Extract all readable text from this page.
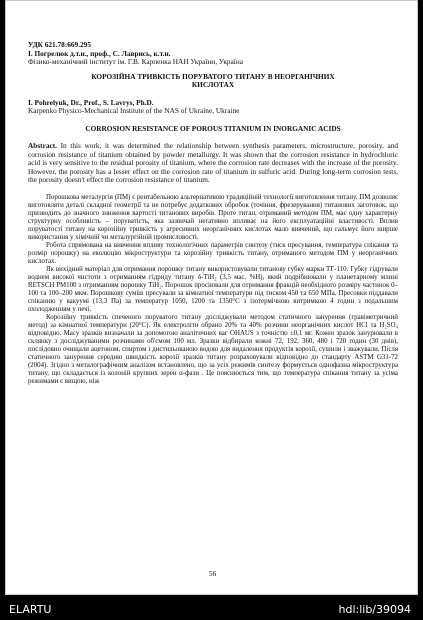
УДК 621.78:669.295

І. Погрелюк д.т.н., проф., С. Лаврись, к.т.н.

Фізико-механічний інститут ім. Г.В. Карпенка НАН України, Україна

КОРОЗІЙНА ТРИВКІСТЬ ПОРУВАТОГО ТИТАНУ В НЕОРГАНІЧНИХ

КИСЛОТАХ

I. Pohrelyuk, Dr., Prof., S. Lavrys, Ph.D.

Karpenko Physico-Mechanical Institute of the NAS of Ukraine, Ukraine

CORROSION RESISTANCE OF POROUS TITANIUM IN INORGANIC ACIDS

Abstract. In this work, it was determined the relationship between synthesis parameters, microstructure, porosity, and corrosion resistance of titanium obtained by powder metallurgy. It was shown that the corrosion resistance in hydrochloric acid is very sensitive to the residual porosity of titanium, where the corrosion rate decreases with the increase of the porosity. However, the porosity has a lesser effect on the corrosion rate of titanium in sulfuric acid. During long-term corrosion tests, the porosity doesn't effect the corrosion resistance of titanium.

Порошкова металургія (ПМ) є рентабельною альтернативою традиційній технології виготовлення титану. ПМ дозволяє виготовляти деталі складної геометрії та не потребує додаткових обробок (точіння, фрезерування) титанових заготовок, що призводить до значного зниження вартості титанових виробів. Проте титан, отриманий методом ПМ, має одну характерну структурну особливість – поруватість, яка зазвичай негативно впливає на його експлуатаційні властивості. Вплив поруватості титану на корозійну тривкість у агресивних неорганічних кислотах мало вивчений, що гальмує його ширше використання у хімічній чи металургійній промисловості.

Робота спрямована на вивчення впливу технологічних параметрів синтезу (тиск пресування, температура спікання та розмір порошку) на еволюцію мікроструктури та корозійну тривкість титану, отриманого методом ПМ у неорганічних кислотах.

Як вихідний матеріал для отримання порошку титану використовували титанову губку марки ТГ-110. Губку гідрували воднем високої чистоти з отриманням гідриду титану δ-TiH₂ (3,5 мас. %H), який подрібнювали у планетарному млині RETSCH PM100 з отриманням порошку TiH₂. Порошок просіювали для отримання фракцій необхідного розміру частинок 0–100 та 100–200 мкм. Порошкову суміш пресували за кімнатної температури під тиском 450 та 650 МПа. Пресовки піддавали спіканню у вакуумі (13,3 Па) за температур 1050, 1200 та 1350°C з ізотермічною витримкою 4 годин з подальшим охолодженням у печі.

Корозійну тривкість спеченого поруватого титану досліджували методом статичного занурення (гравіметричний метод) за кімнатної температури (20°C). Як електроліти обрано 20% та 40% розчини неорганічних кислот HCl та H₂SO₄ відповідно. Масу зразків визначали за допомогою аналітичних ваг OHAUS з точністю ±0,1 мг. Кожен зразок занурювали в склянку з досліджуваними розчинами об'ємом 100 мл. Зразки відбирали кожні 72, 192, 360, 480 і 720 годин (30 днів), послідовно очищали ацетоном, спиртом і дистильованою водою для видалення продуктів корозії, сушили і зважували. Після статичного занурення середню швидкість корозії зразків титану розраховували відповідно до стандарту ASTM G31-72 (2004). Згідно з металографічним аналізом встановлено, що за усіх режимів синтезу формується однофазна мікроструктура титану, що складається із колоній крупних зерен α-фази . Це пояснюється тим, що температура спікання титану за усіма режимами є вищою, ніж

56
ELARTU	hdl:lib/39094
